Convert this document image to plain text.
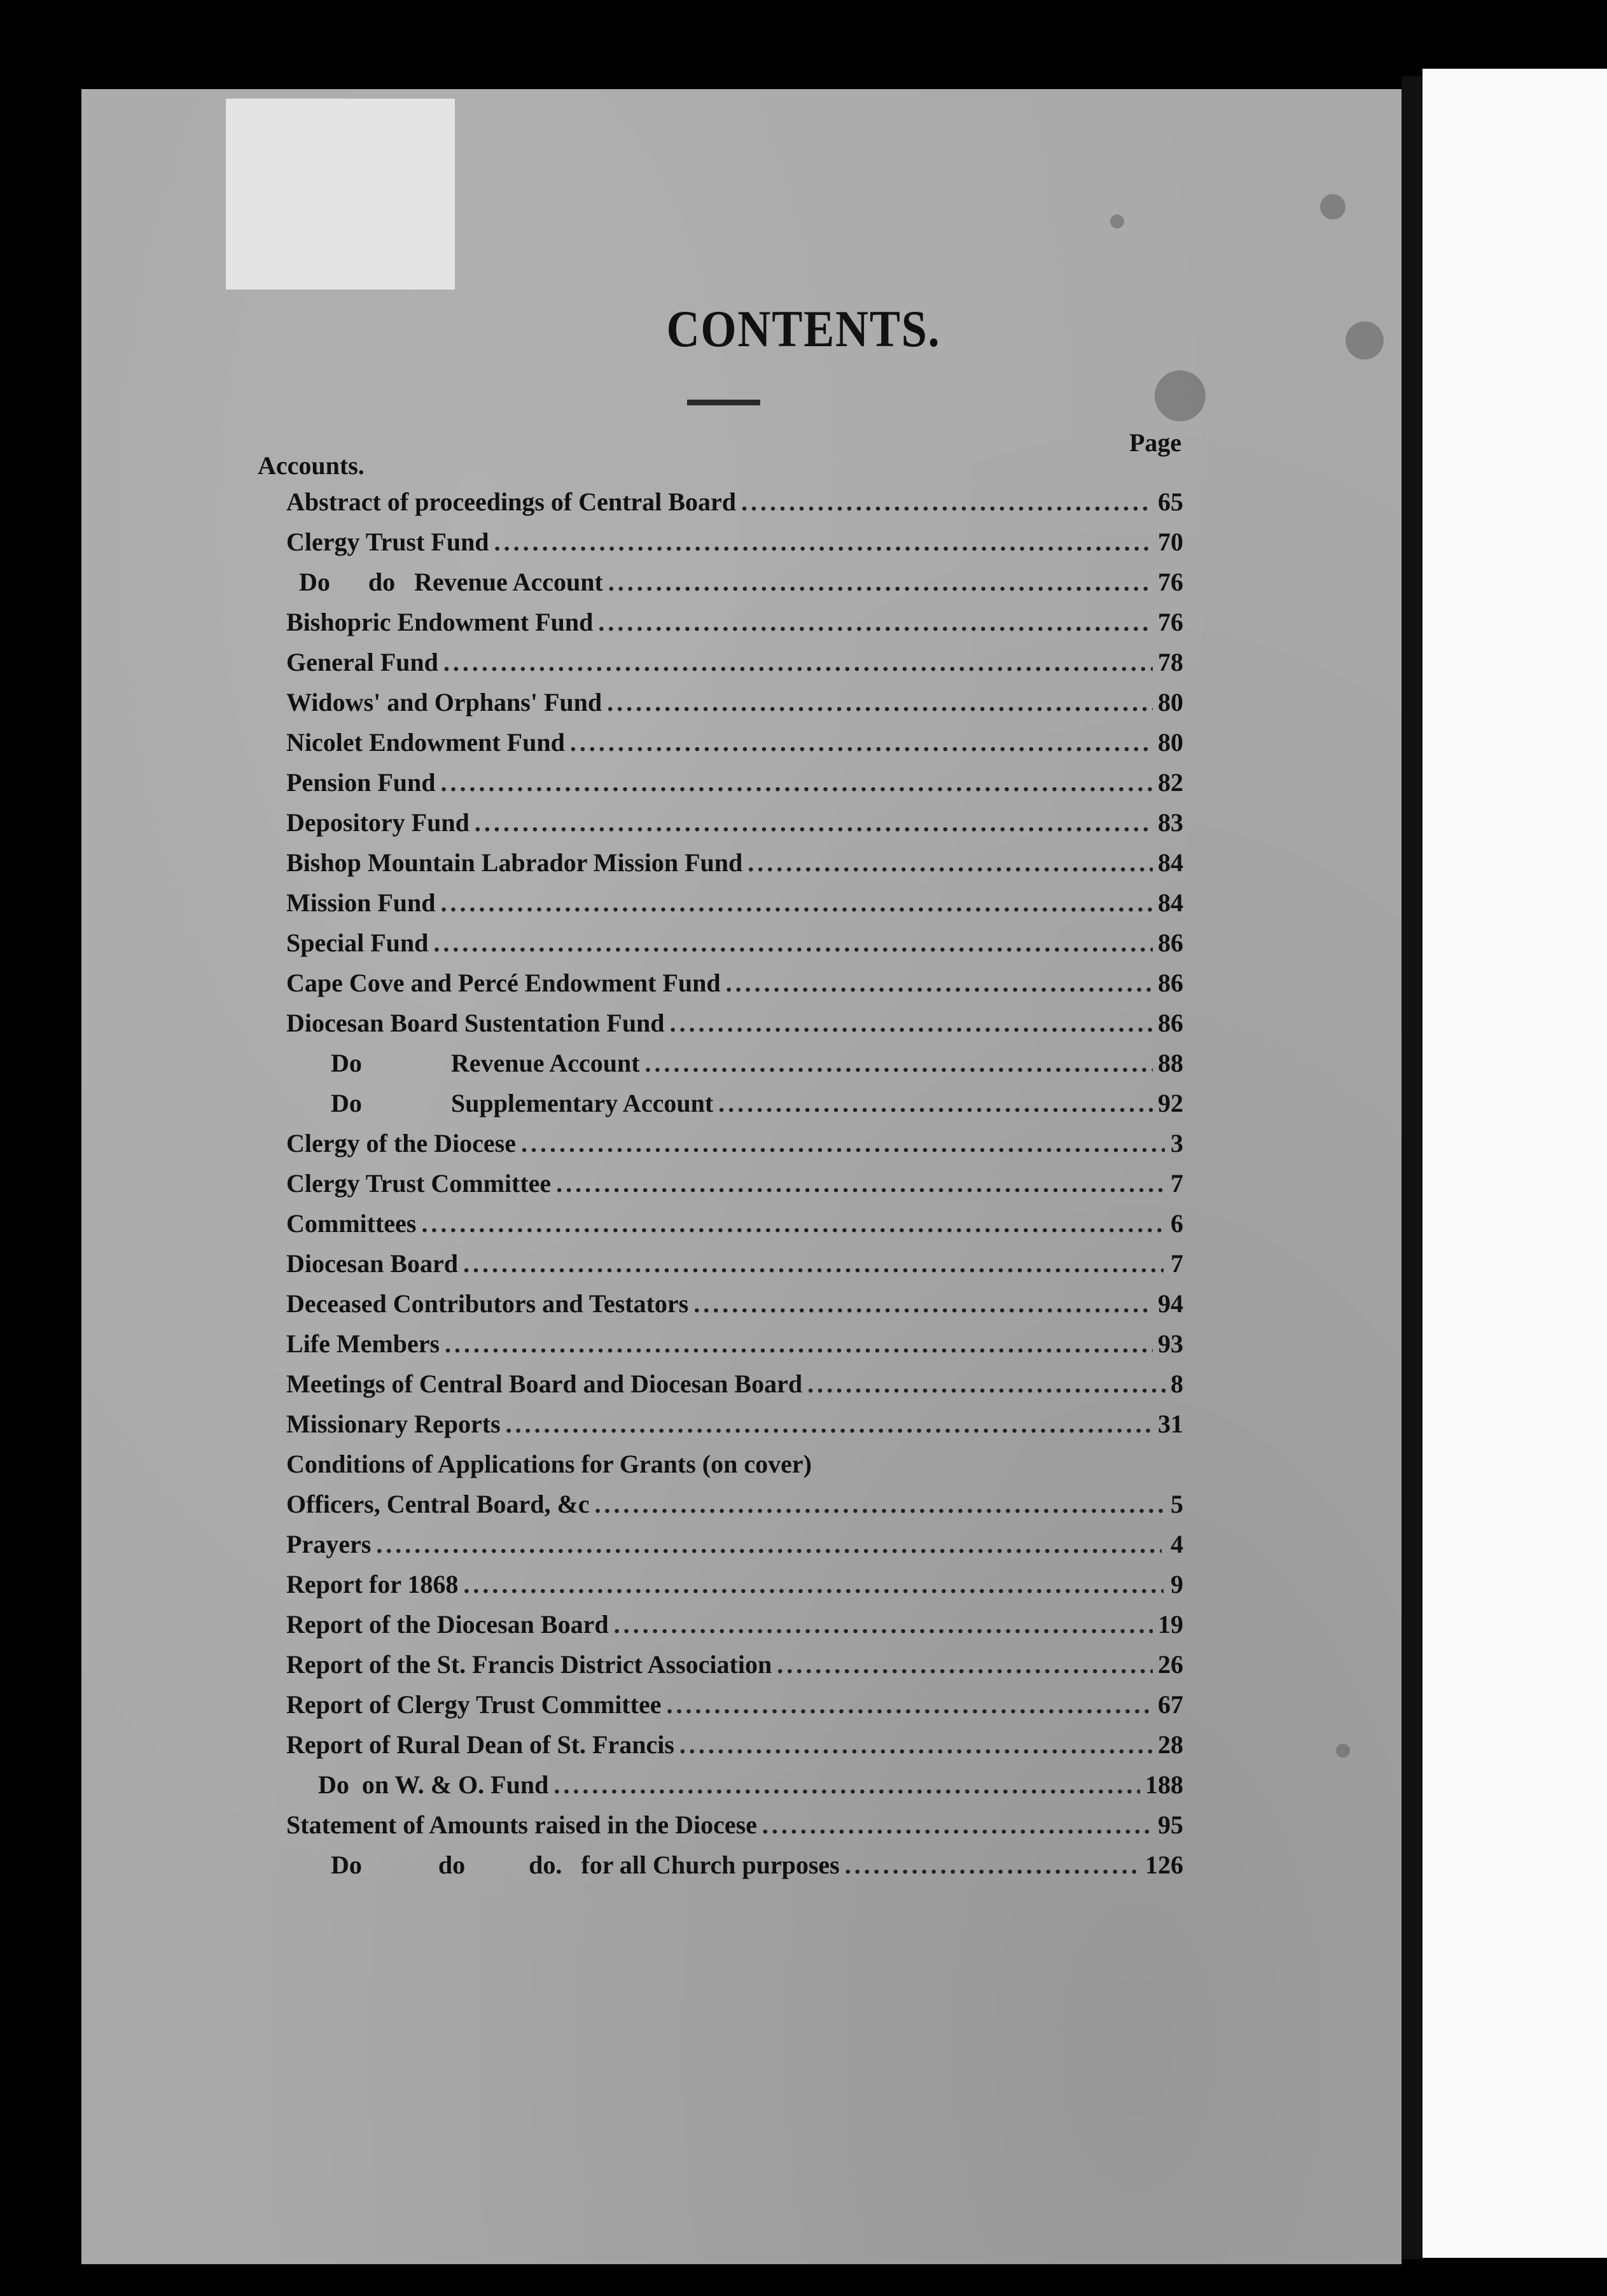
CONTENTS.
Page
Accounts.
Abstract of proceedings of Central Board .....	65
Clergy Trust Fund .....	70
Do      do   Revenue Account .....	76
Bishopric Endowment Fund .....	76
General Fund .....	78
Widows' and Orphans' Fund .....	80
Nicolet Endowment Fund .....	80
Pension Fund .....	82
Depository Fund .....	83
Bishop Mountain Labrador Mission Fund .....	84
Mission Fund .....	84
Special Fund .....	86
Cape Cove and Percé Endowment Fund .....	86
Diocesan Board Sustentation Fund .....	86
Do              Revenue Account .....	88
Do              Supplementary Account .....	92
Clergy of the Diocese .....	3
Clergy Trust Committee .....	7
Committees .....	6
Diocesan Board .....	7
Deceased Contributors and Testators .....	94
Life Members .....	93
Meetings of Central Board and Diocesan Board .....	8
Missionary Reports .....	31
Conditions of Applications for Grants (on cover)
Officers, Central Board, &c .....	5
Prayers .....	4
Report for 1868 .....	9
Report of the Diocesan Board .....	19
Report of the St. Francis District Association .....	26
Report of Clergy Trust Committee .....	67
Report of Rural Dean of St. Francis .....	28
Do  on W. & O. Fund .....	188
Statement of Amounts raised in the Diocese .....	95
Do            do          do.   for all Church purposes .....	126
